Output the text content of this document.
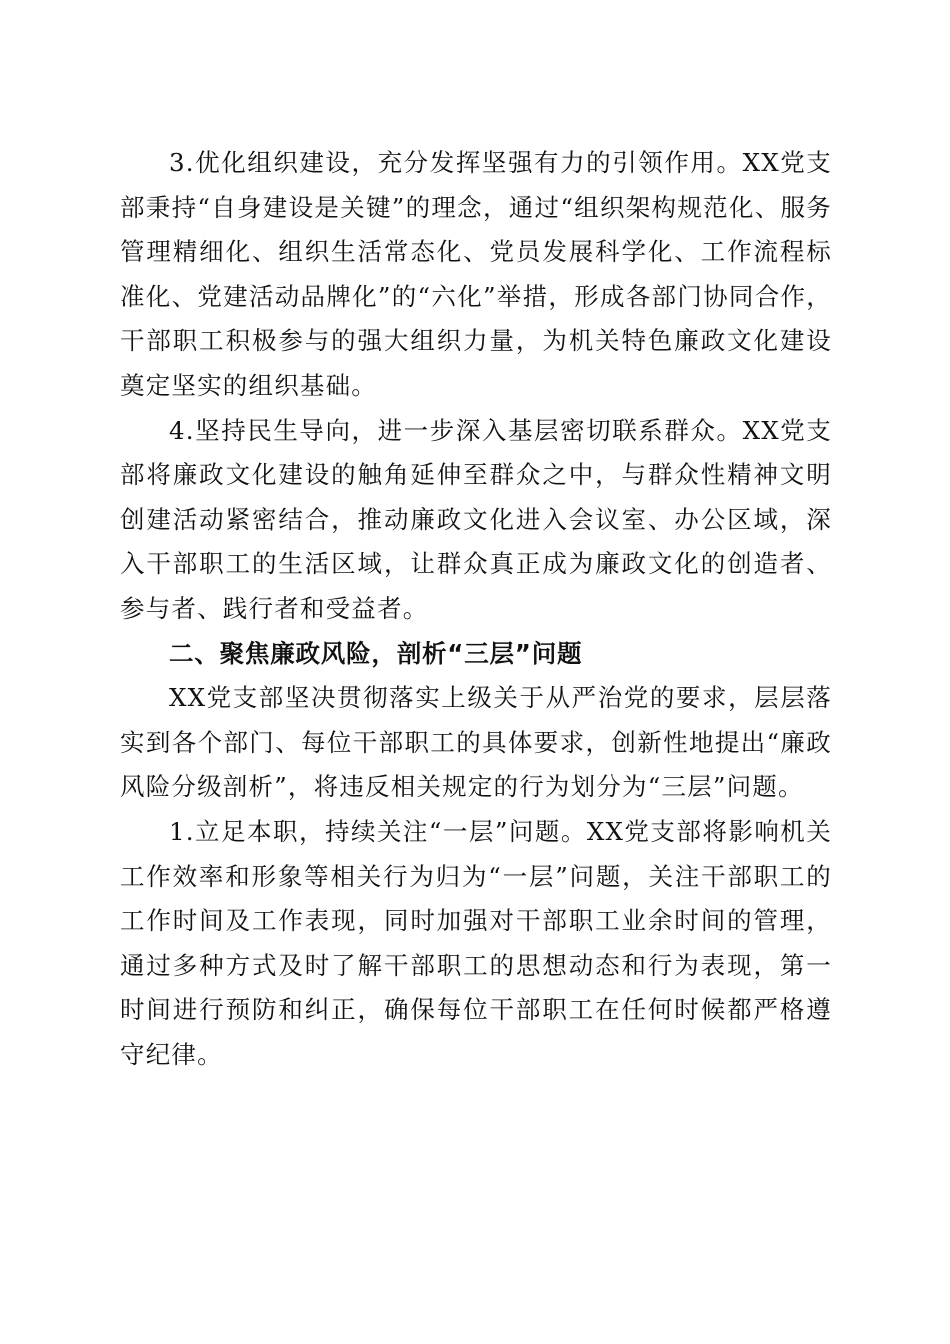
3.优化组织建设，充分发挥坚强有力的引领作用。XX党支部秉持“自身建设是关键”的理念，通过“组织架构规范化、服务管理精细化、组织生活常态化、党员发展科学化、工作流程标准化、党建活动品牌化”的“六化”举措，形成各部门协同合作，干部职工积极参与的强大组织力量，为机关特色廉政文化建设奠定坚实的组织基础。

4.坚持民生导向，进一步深入基层密切联系群众。XX党支部将廉政文化建设的触角延伸至群众之中，与群众性精神文明创建活动紧密结合，推动廉政文化进入会议室、办公区域，深入干部职工的生活区域，让群众真正成为廉政文化的创造者、参与者、践行者和受益者。

二、聚焦廉政风险，剖析“三层”问题

XX党支部坚决贯彻落实上级关于从严治党的要求，层层落实到各个部门、每位干部职工的具体要求，创新性地提出“廉政风险分级剖析”，将违反相关规定的行为划分为“三层”问题。

1.立足本职，持续关注“一层”问题。XX党支部将影响机关工作效率和形象等相关行为归为“一层”问题，关注干部职工的工作时间及工作表现，同时加强对干部职工业余时间的管理，通过多种方式及时了解干部职工的思想动态和行为表现，第一时间进行预防和纠正，确保每位干部职工在任何时候都严格遵守纪律。
